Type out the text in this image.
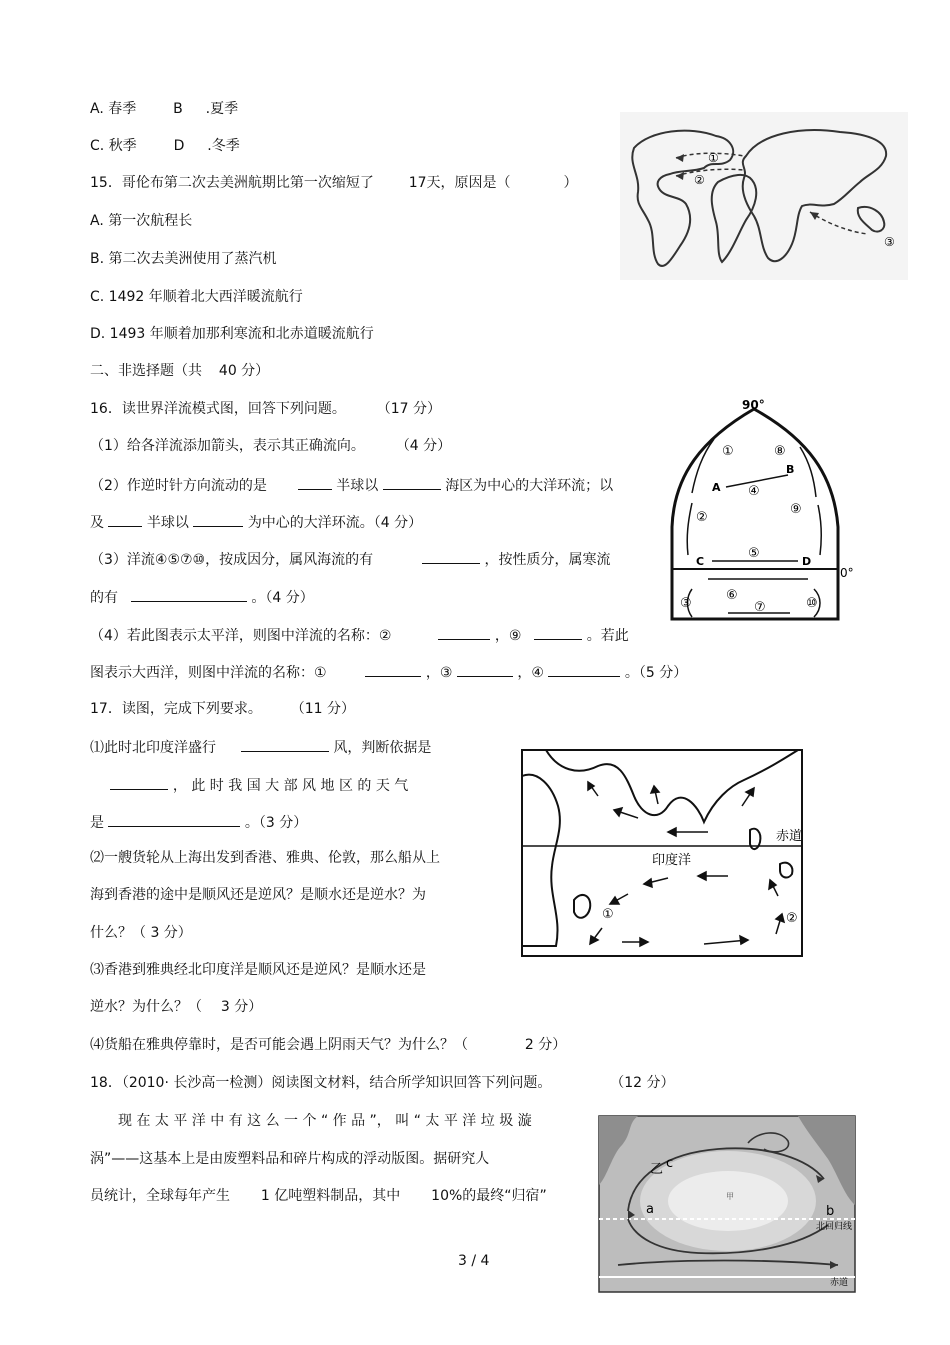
A. 春季	B .夏季
C. 秋季	D .冬季
15．哥伦布第二次去美洲航期比第一次缩短了 17天，原因是（	）
A. 第一次航程长
B. 第二次去美洲使用了蒸汽机
C. 1492 年顺着北大西洋暖流航行
D. 1493 年顺着加那利寒流和北赤道暖流航行
二、非选择题（共 40 分）
16．读世界洋流模式图，回答下列问题。 （17 分）
（1）给各洋流添加箭头，表示其正确流向。 （4 分）
（2）作逆时针方向流动的是	半球以	海区为中心的大洋环流；以
及	半球以	为中心的大洋环流。（4 分）
（3）洋流④⑤⑦⑩，按成因分，属风海流的有	，按性质分，属寒流
的有	。（4 分）
（4）若此图表示太平洋，则图中洋流的名称：②	，⑨	。若此
图表示大西洋，则图中洋流的名称：①	，③	，④	。（5 分）
17．读图，完成下列要求。 （11 分）
⑴此时北印度洋盛行	风，判断依据是
， 此 时 我 国 大 部 风 地 区 的 天 气
是	。（3 分）
⑵一艘货轮从上海出发到香港、雅典、伦敦，那么船从上
海到香港的途中是顺风还是逆风？是顺水还是逆水？为
什么？（ 3 分）
⑶香港到雅典经北印度洋是顺风还是逆风？是顺水还是
逆水？为什么？（ 3 分）
⑷货船在雅典停靠时，是否可能会遇上阴雨天气？为什么？（	2 分）
18．（2010· 长沙高一检测）阅读图文材料，结合所学知识回答下列问题。	（12 分）
现 在 太 平 洋 中 有 这 么 一 个 “ 作 品 ”， 叫 “ 太 平 洋 垃 圾 漩
涡”——这基本上是由废塑料品和碎片构成的浮动版图。据研究人
员统计，全球每年产生 1 亿吨塑料制品，其中 10%的最终“归宿”
3 / 4
①
②
③
90°
0°
①	⑧
②
④
⑨
⑤
③
⑥
⑦	⑩
A
B
C	D
赤道
印度洋
①	②
乙 c
甲
a	b
北回归线
赤道
